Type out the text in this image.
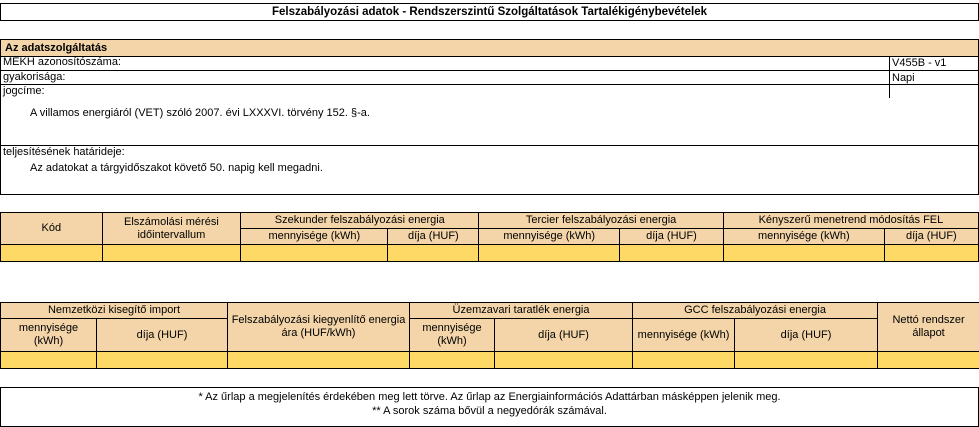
Felszabályozási adatok - Rendszerszintű Szolgáltatások Tartalékigénybevételek
Az adatszolgáltatás
MEKH azonosítószáma:	V455B - v1
gyakorisága:	Napi
jogcíme:
A villamos energiáról (VET) szóló 2007. évi LXXXVI. törvény 152. §-a.
teljesítésének határideje:
Az adatokat a tárgyidőszakot követő 50. napig kell megadni.
Kód	Elszámolási mérési időintervallum	Szekunder felszabályozási energia		Tercier felszabályozási energia		Kényszerű menetrend módosítás FEL	
		mennyisége (kWh)	díja (HUF)	mennyisége (kWh)	díja (HUF)	mennyisége (kWh)	díja (HUF)

Nemzetközi kisegítő import		Felszabályozási kiegyenlítő energia ára (HUF/kWh)	Üzemzavari taratlék energia		GCC felszabályozási energia		Nettó rendszer állapot
mennyisége (kWh)	díja (HUF)		mennyisége (kWh)	díja (HUF)	mennyisége (kWh)	díja (HUF)	

* Az űrlap a megjelenítés érdekében meg lett törve. Az űrlap az Energiainformációs Adattárban másképpen jelenik meg.
** A sorok száma bővül a negyedórák számával.
